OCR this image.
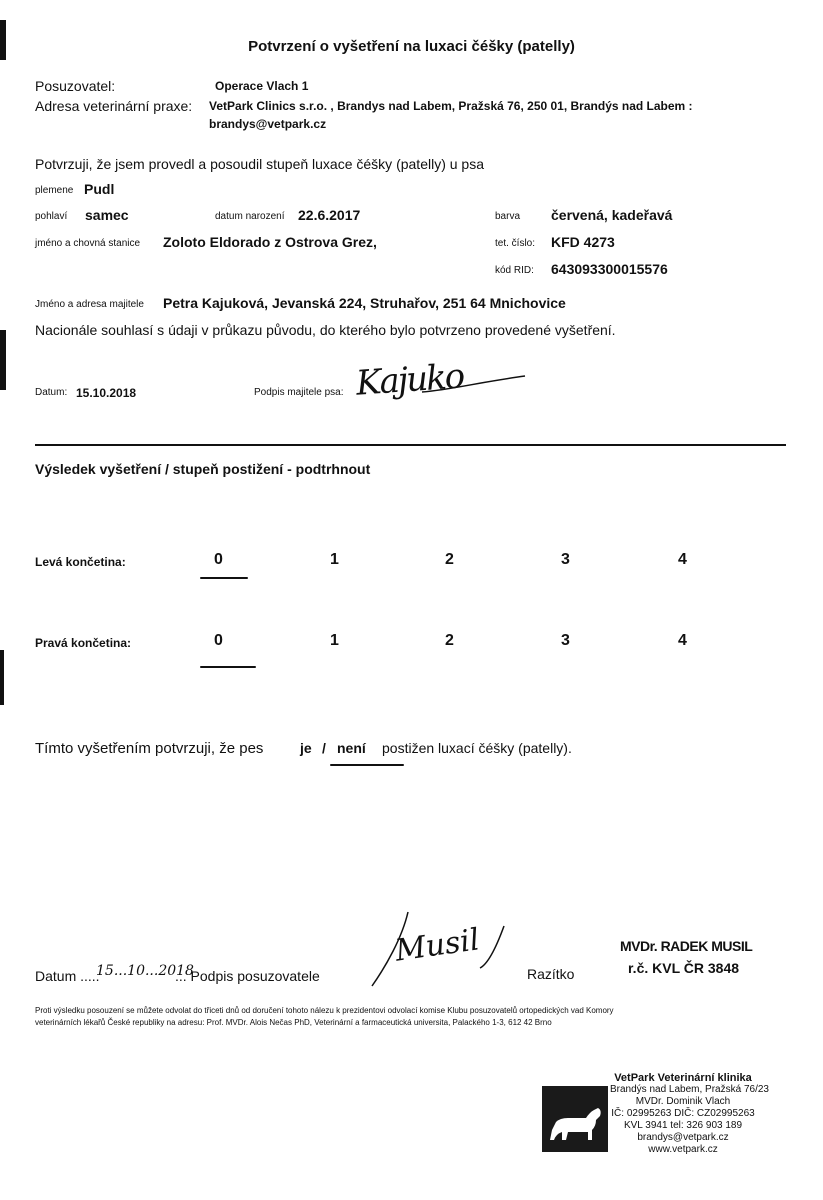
Potvrzení o vyšetření na luxaci čéšky (patelly)
Posuzovatel:	Operace Vlach 1
Adresa veterinární praxe: VetPark Clinics s.r.o. , Brandys nad Labem, Pražská 76, 250 01, Brandýs nad Labem :
brandys@vetpark.cz
Potvrzuji, že jsem provedl a posoudil stupeň luxace čéšky (patelly) u psa
plemene Pudl
pohlaví samec	datum narození 22.6.2017	barva červená, kadeřavá
jméno a chovná stanice Zoloto Eldorado z Ostrova Grez,	tet. číslo: KFD 4273
kód RID: 643093300015576
Jméno a adresa majitele Petra Kajuková, Jevanská 224, Struhařov, 251 64 Mnichovice
Nacionále souhlasí s údaji v průkazu původu, do kterého bylo potvrzeno provedené vyšetření.
Datum: 15.10.2018	Podpis majitele psa: Kajuko
Výsledek vyšetření / stupeň postižení - podtrhnout
Levá končetina:	0	1	2	3	4
Pravá končetina:	0	1	2	3	4
Tímto vyšetřením potvrzuji, že pes	je / není postižen luxací čéšky (patelly).
Datum .....
15...10...2018
... Podpis posuzovatele
Musil
Razítko
MVDr. RADEK MUSIL
r.č. KVL ČR 3848
Proti výsledku posouzení se můžete odvolat do třiceti dnů od doručení tohoto nálezu k prezidentovi odvolací komise Klubu posuzovatelů ortopedických vad Komory
veterinárních lékařů České republiky na adresu: Prof. MVDr. Alois Nečas PhD, Veterinární a farmaceutická universita, Palackého 1-3, 612 42 Brno
VetPark Veterinární klinika
Brandýs nad Labem, Pražská 76/23
MVDr. Dominik Vlach
IČ: 02995263 DIČ: CZ02995263
KVL 3941 tel: 326 903 189
brandys@vetpark.cz
www.vetpark.cz
